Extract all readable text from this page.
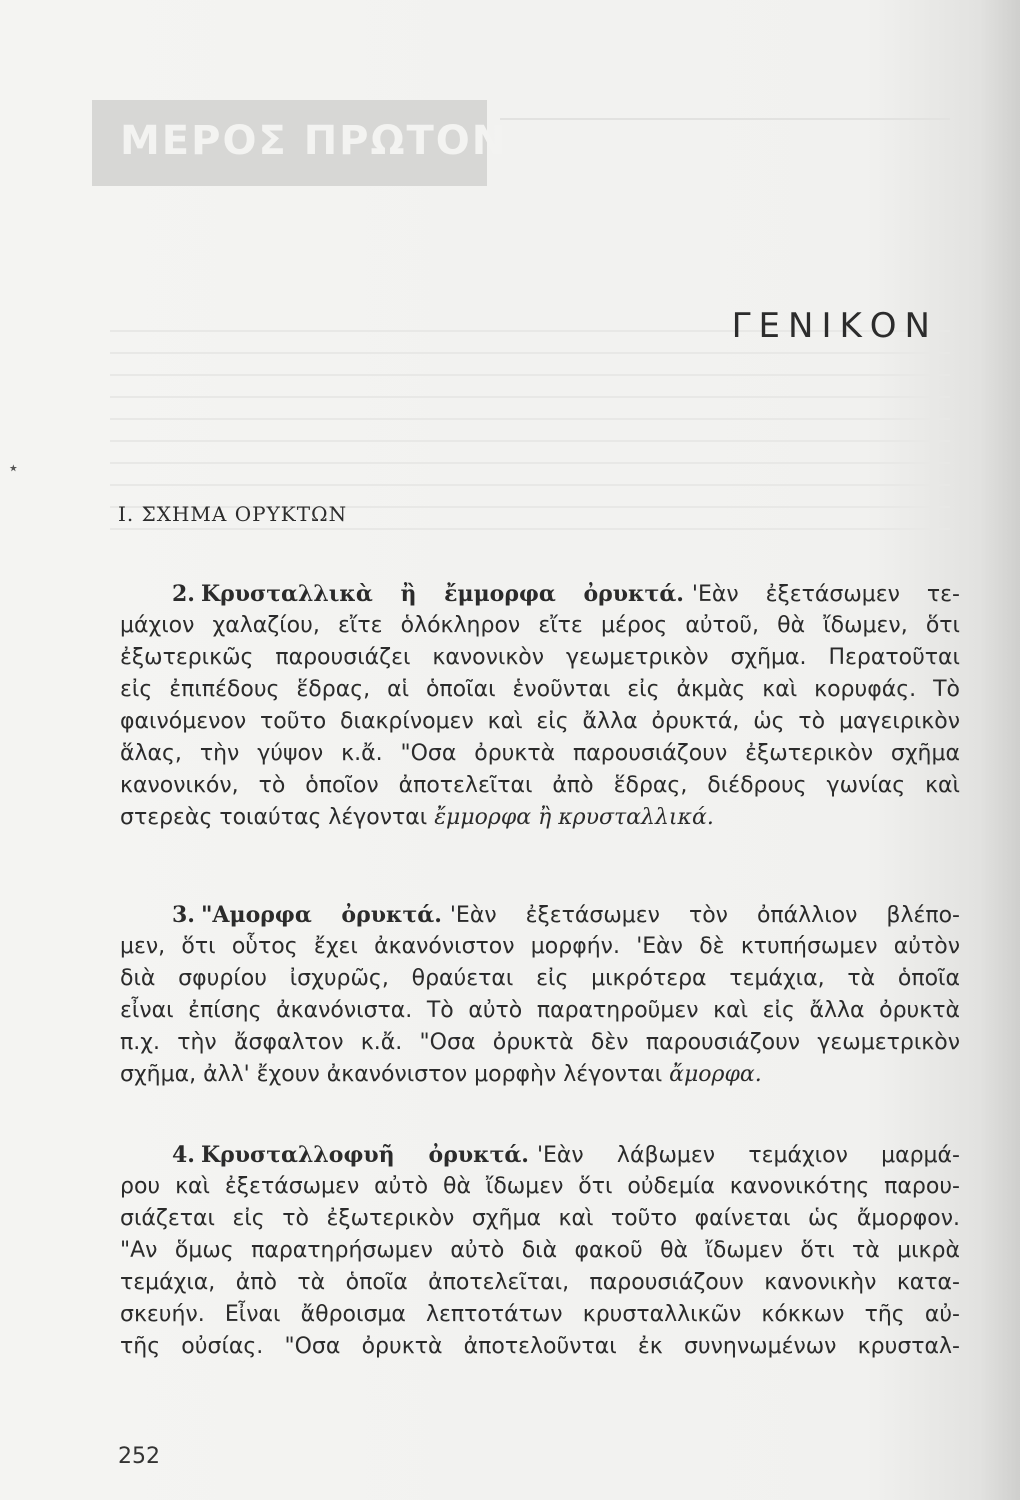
ΜΕΡΟΣ ΠΡΩΤΟΝ
ΓΕΝΙΚΟΝ
٭
Ι. ΣΧΗΜΑ ΟΡΥΚΤΩΝ
2. Κρυσταλλικὰ ἢ ἔμμορφα ὀρυκτά. 'Εὰν ἐξετάσωμεν τε-
μάχιον χαλαζίου, εἴτε ὁλόκληρον εἴτε μέρος αὐτοῦ, θὰ ἴδωμεν, ὅτι
ἐξωτερικῶς παρουσιάζει κανονικὸν γεωμετρικὸν σχῆμα. Περατοῦται
εἰς ἐπιπέδους ἕδρας, αἱ ὁποῖαι ἑνοῦνται εἰς ἀκμὰς καὶ κορυφάς. Τὸ
φαινόμενον τοῦτο διακρίνομεν καὶ εἰς ἄλλα ὀρυκτά, ὡς τὸ μαγειρικὸν
ἅλας, τὴν γύψον κ.ἄ. "Οσα ὀρυκτὰ παρουσιάζουν ἐξωτερικὸν σχῆμα
κανονικόν, τὸ ὁποῖον ἀποτελεῖται ἀπὸ ἕδρας, διέδρους γωνίας καὶ
στερεὰς τοιαύτας λέγονται ἔμμορφα ἢ κρυσταλλικά.
3. "Αμορφα ὀρυκτά. 'Εὰν ἐξετάσωμεν τὸν ὀπάλλιον βλέπο-
μεν, ὅτι οὗτος ἔχει ἀκανόνιστον μορφήν. 'Εὰν δὲ κτυπήσωμεν αὐτὸν
διὰ σφυρίου ἰσχυρῶς, θραύεται εἰς μικρότερα τεμάχια, τὰ ὁποῖα
εἶναι ἐπίσης ἀκανόνιστα. Τὸ αὐτὸ παρατηροῦμεν καὶ εἰς ἄλλα ὀρυκτὰ
π.χ. τὴν ἄσφαλτον κ.ἄ. "Οσα ὀρυκτὰ δὲν παρουσιάζουν γεωμετρικὸν
σχῆμα, ἀλλ' ἔχουν ἀκανόνιστον μορφὴν λέγονται ἄμορφα.
4. Κρυσταλλοφυῆ ὀρυκτά. 'Εὰν λάβωμεν τεμάχιον μαρμά-
ρου καὶ ἐξετάσωμεν αὐτὸ θὰ ἴδωμεν ὅτι οὐδεμία κανονικότης παρου-
σιάζεται εἰς τὸ ἐξωτερικὸν σχῆμα καὶ τοῦτο φαίνεται ὡς ἄμορφον.
"Αν ὅμως παρατηρήσωμεν αὐτὸ διὰ φακοῦ θὰ ἴδωμεν ὅτι τὰ μικρὰ
τεμάχια, ἀπὸ τὰ ὁποῖα ἀποτελεῖται, παρουσιάζουν κανονικὴν κατα-
σκευήν. Εἶναι ἄθροισμα λεπτοτάτων κρυσταλλικῶν κόκκων τῆς αὐ-
τῆς οὐσίας. "Οσα ὀρυκτὰ ἀποτελοῦνται ἐκ συνηνωμένων κρυσταλ-
252
